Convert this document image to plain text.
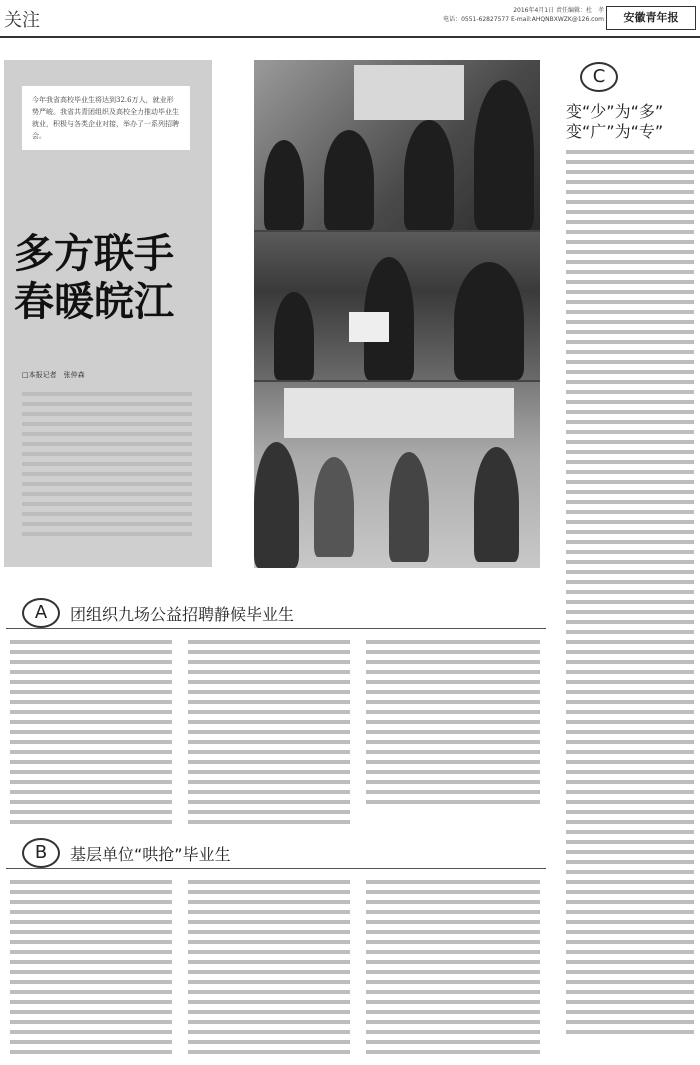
关注	2016年4月1日 责任编辑：杜　孝
电话：0551-62827577 E-mail:AHQNBXWZK@126.com	安徽青年报
今年我省高校毕业生将达到32.6万人，就业形势严峻。我省共青团组织及高校全力推动毕业生就业，积极与各类企业对接，举办了一系列招聘会。
多方联手
春暖皖江
□本报记者　张仲森
C
变“少”为“多”
变“广”为“专”
A	团组织九场公益招聘静候毕业生
B	基层单位“哄抢”毕业生
